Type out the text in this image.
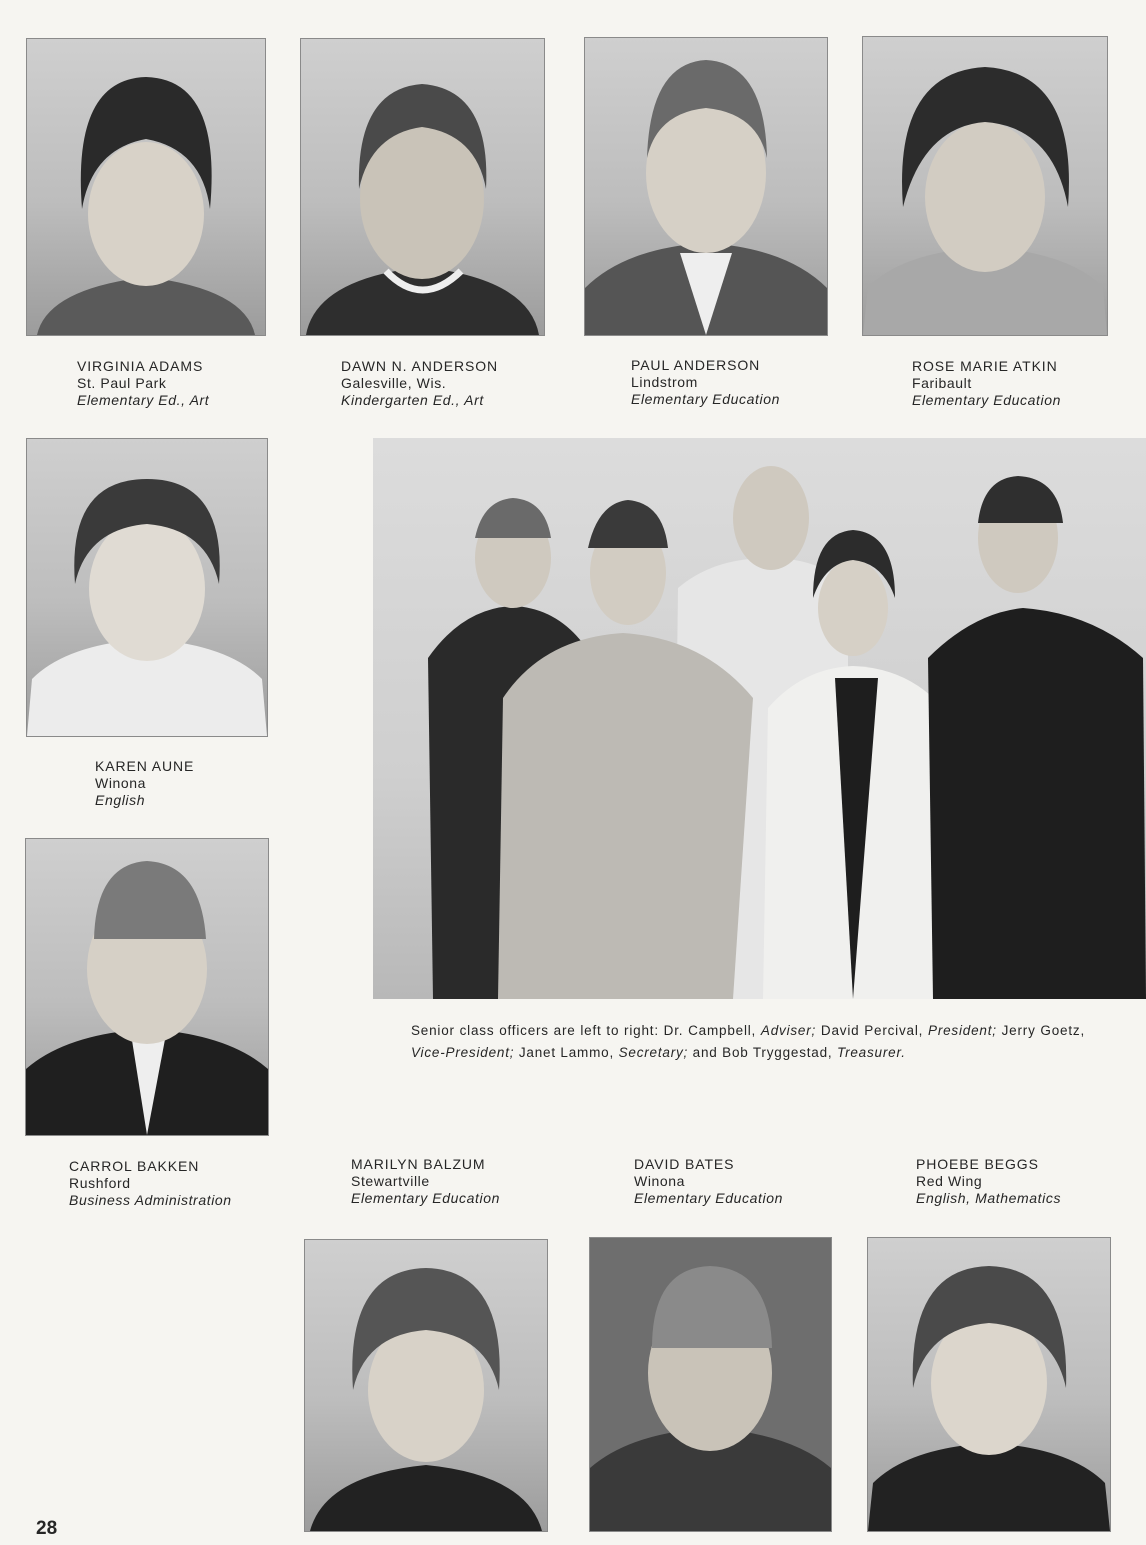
VIRGINIA ADAMS
St. Paul Park
Elementary Ed., Art
DAWN N. ANDERSON
Galesville, Wis.
Kindergarten Ed., Art
PAUL ANDERSON
Lindstrom
Elementary Education
ROSE MARIE ATKIN
Faribault
Elementary Education
KAREN AUNE
Winona
English
Senior class officers are left to right: Dr. Campbell, Adviser; David Percival, President; Jerry Goetz, Vice-President; Janet Lammo, Secretary; and Bob Tryggestad, Treasurer.
CARROL BAKKEN
Rushford
Business Administration
MARILYN BALZUM
Stewartville
Elementary Education
DAVID BATES
Winona
Elementary Education
PHOEBE BEGGS
Red Wing
English, Mathematics
28
